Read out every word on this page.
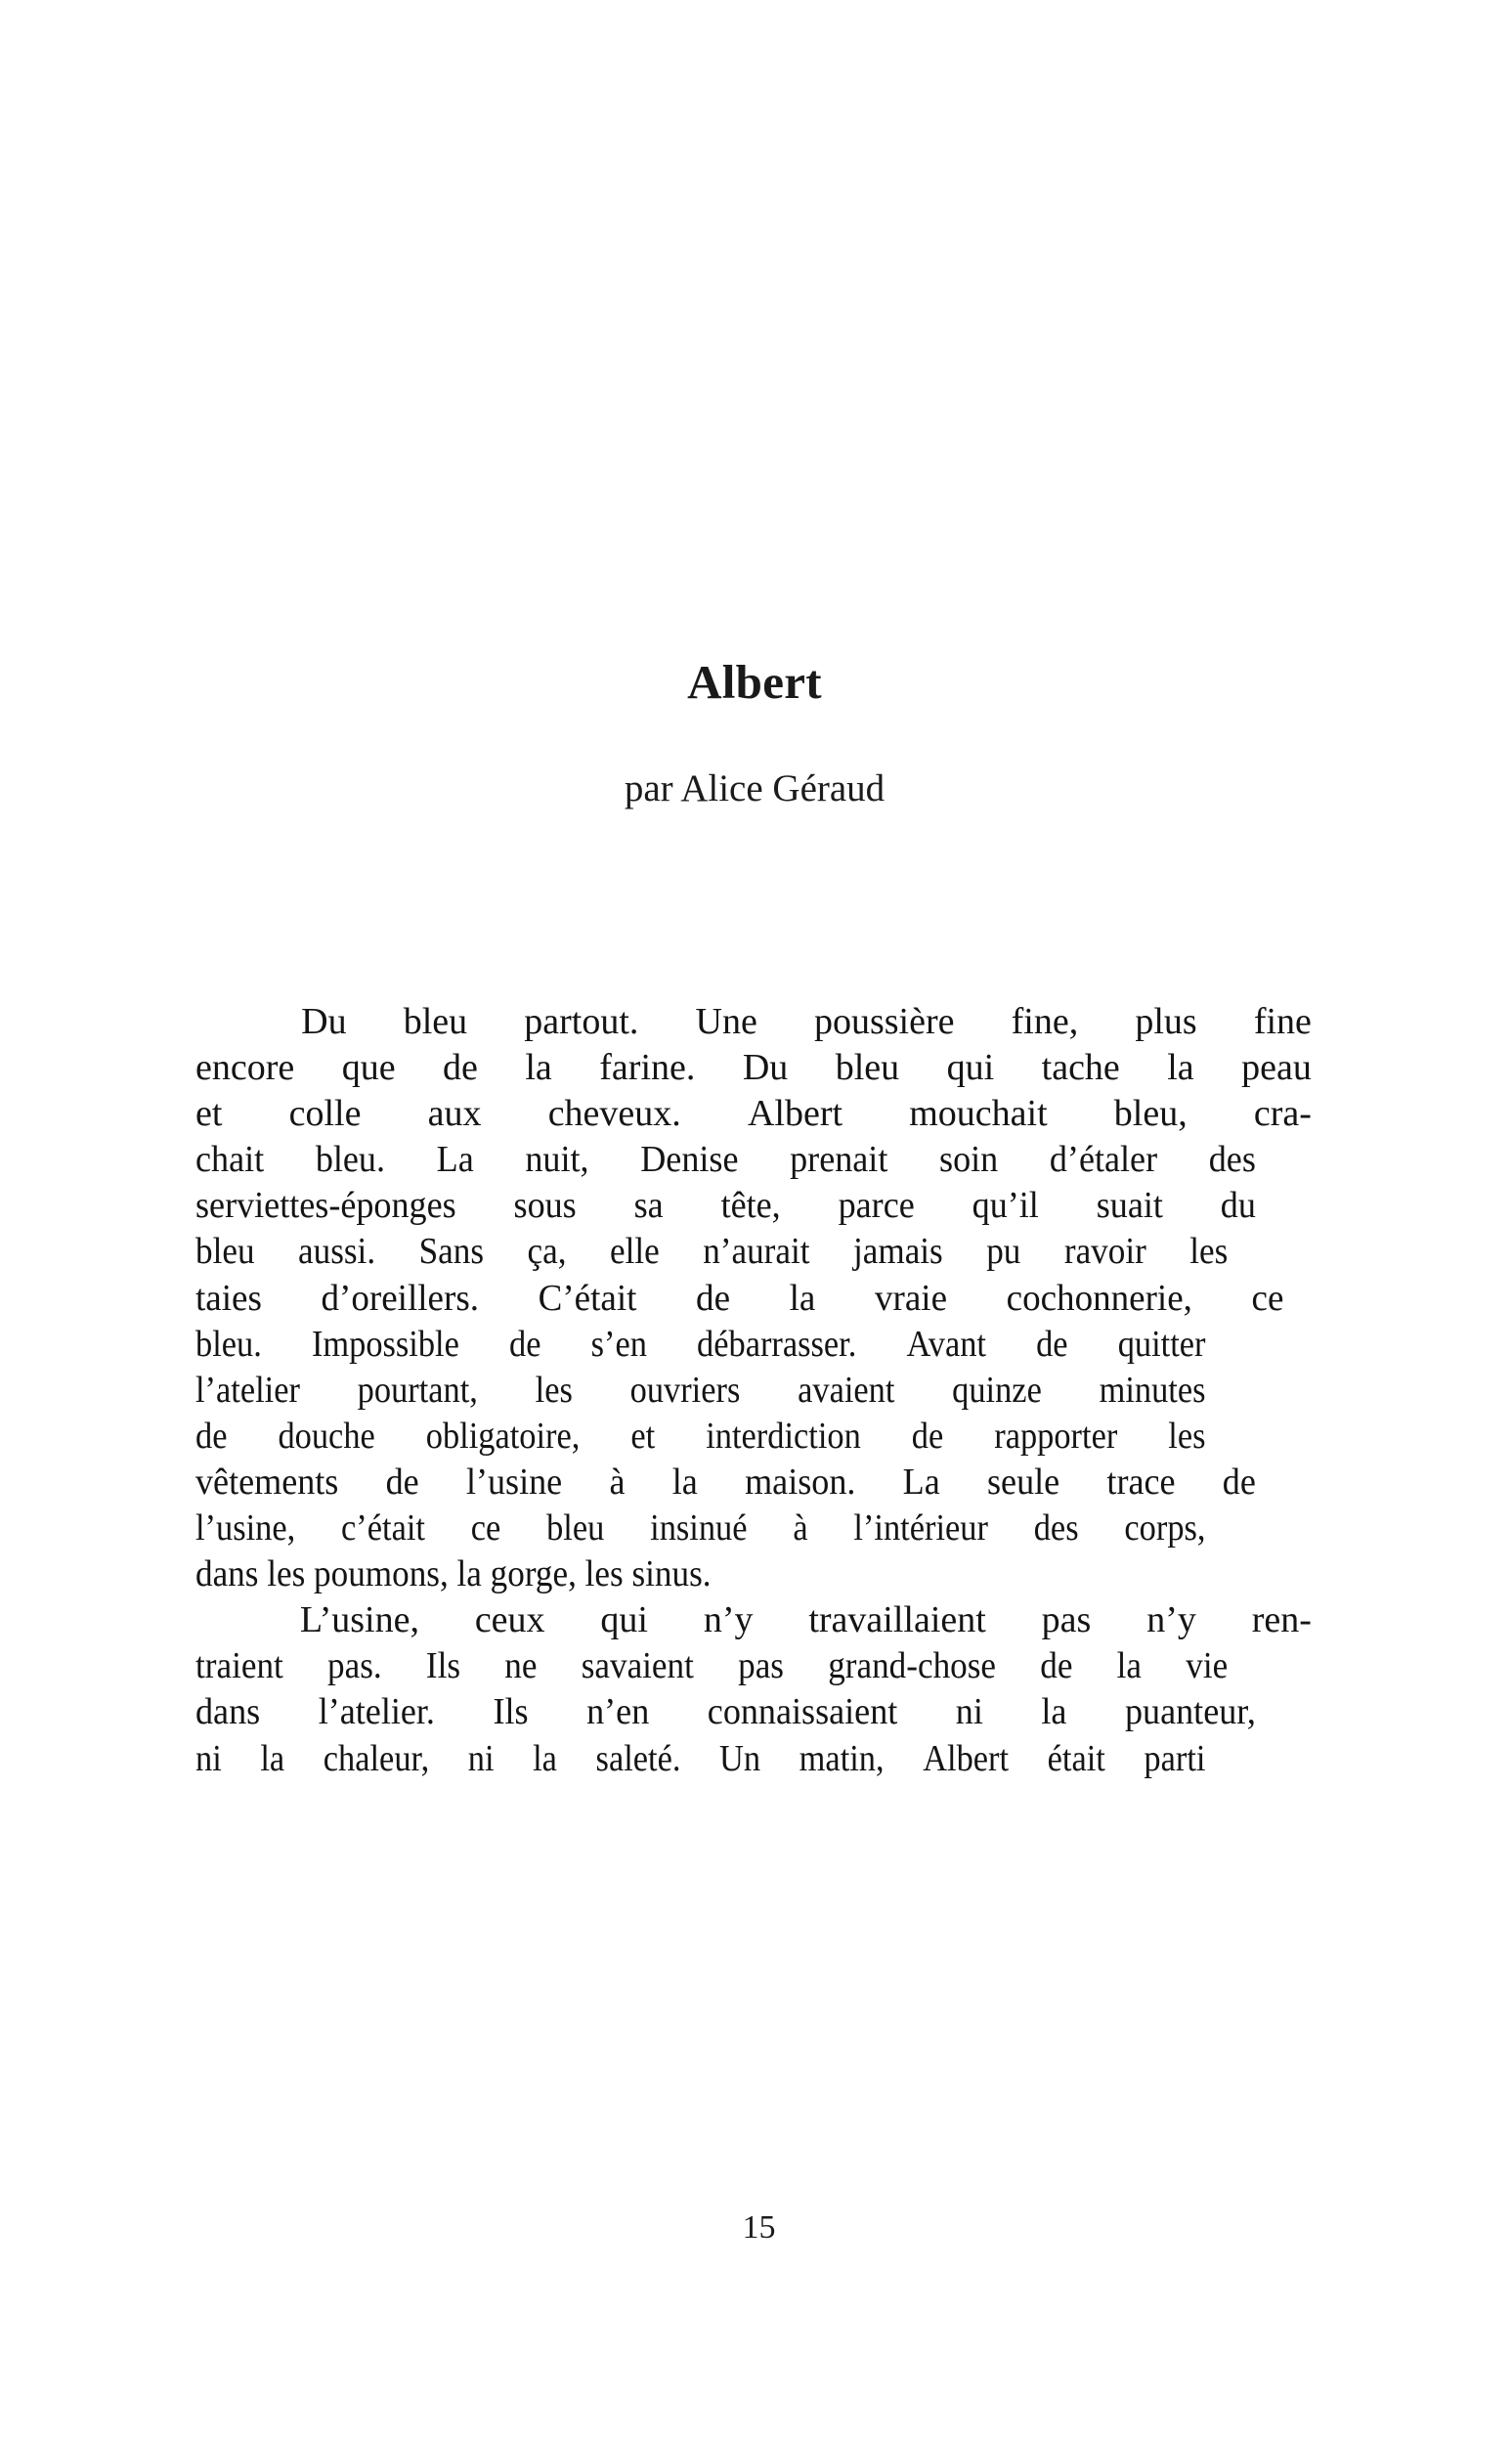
Albert

par Alice Géraud

Du bleu partout. Une poussière fine, plus fine
encore que de la farine. Du bleu qui tache la peau
et colle aux cheveux. Albert mouchait bleu, cra-
chait bleu. La nuit, Denise prenait soin d’étaler des
serviettes-éponges sous sa tête, parce qu’il suait du
bleu aussi. Sans ça, elle n’aurait jamais pu ravoir les
taies d’oreillers. C’était de la vraie cochonnerie, ce
bleu. Impossible de s’en débarrasser. Avant de quitter
l’atelier pourtant, les ouvriers avaient quinze minutes
de douche obligatoire, et interdiction de rapporter les
vêtements de l’usine à la maison. La seule trace de
l’usine, c’était ce bleu insinué à l’intérieur des corps,
dans les poumons, la gorge, les sinus.
L’usine, ceux qui n’y travaillaient pas n’y ren-
traient pas. Ils ne savaient pas grand-chose de la vie
dans l’atelier. Ils n’en connaissaient ni la puanteur,
ni la chaleur, ni la saleté. Un matin, Albert était parti
15
